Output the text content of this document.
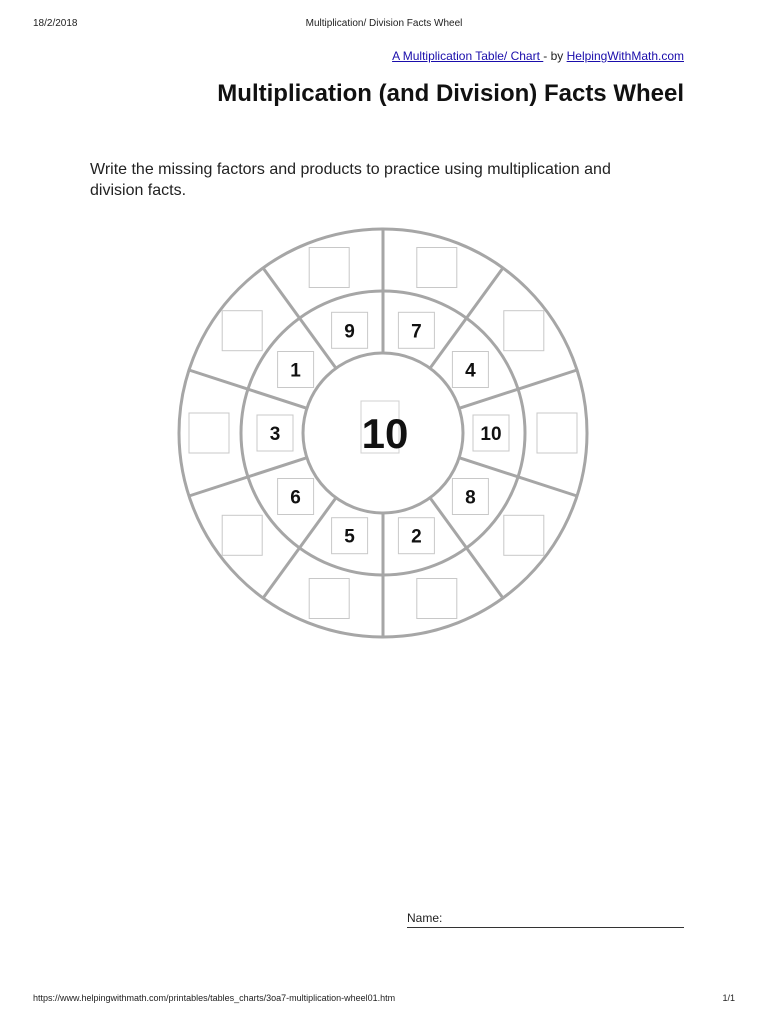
18/2/2018	Multiplication/ Division Facts Wheel
A Multiplication Table/ Chart - by HelpingWithMath.com
Multiplication (and Division) Facts Wheel

Write the missing factors and products to practice using multiplication and division facts.

7
4
10
8
2
5
6
3
1
9
10
Name:
https://www.helpingwithmath.com/printables/tables_charts/3oa7-multiplication-wheel01.htm	1/1
